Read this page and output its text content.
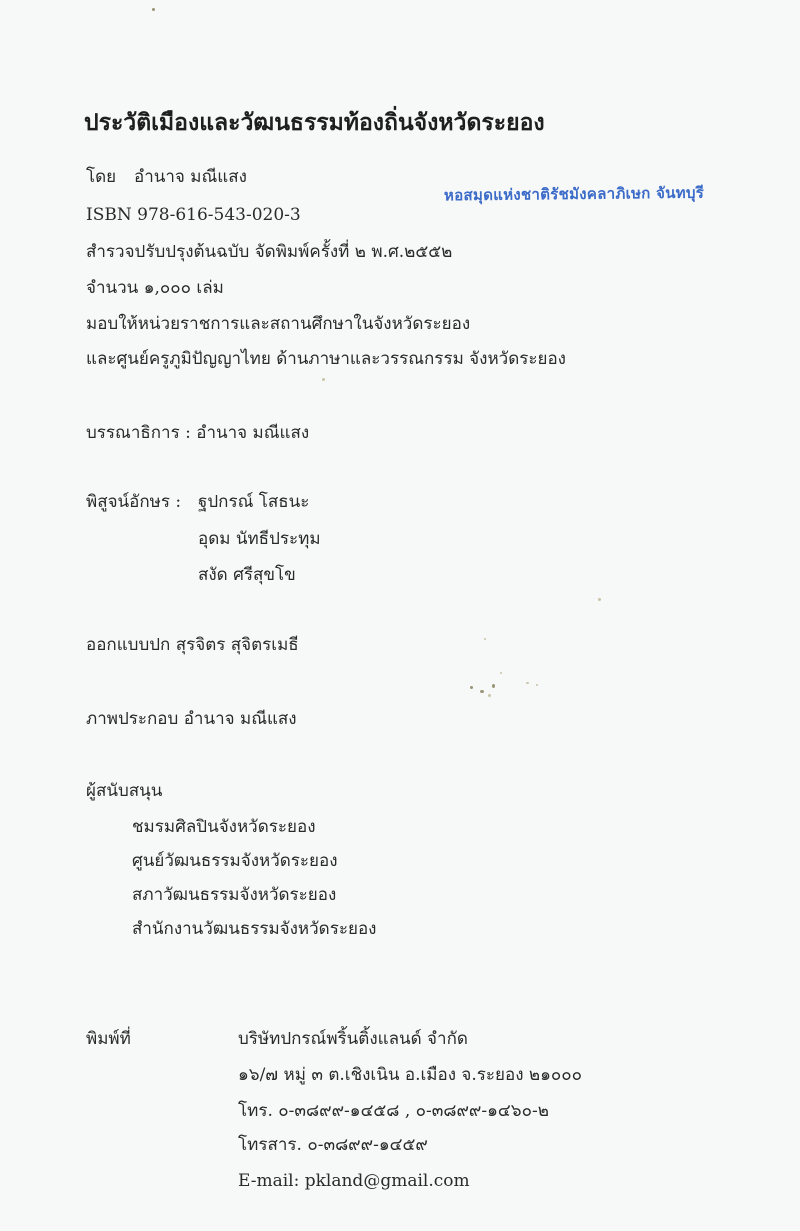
ประวัติเมืองและวัฒนธรรมท้องถิ่นจังหวัดระยอง
โดย อำนาจ มณีแสง
หอสมุดแห่งชาติรัชมังคลาภิเษก จันทบุรี
ISBN 978-616-543-020-3
สำรวจปรับปรุงต้นฉบับ จัดพิมพ์ครั้งที่ ๒ พ.ศ.๒๕๕๒
จำนวน ๑,๐๐๐ เล่ม
มอบให้หน่วยราชการและสถานศึกษาในจังหวัดระยอง
และศูนย์ครูภูมิปัญญาไทย ด้านภาษาและวรรณกรรม จังหวัดระยอง
บรรณาธิการ : อำนาจ มณีแสง
พิสูจน์อักษร : ฐปกรณ์ โสธนะ
อุดม นัทธีประทุม
สงัด ศรีสุขโข
ออกแบบปก สุรจิตร สุจิตรเมธี
ภาพประกอบ อำนาจ มณีแสง
ผู้สนับสนุน
ชมรมศิลปินจังหวัดระยอง
ศูนย์วัฒนธรรมจังหวัดระยอง
สภาวัฒนธรรมจังหวัดระยอง
สำนักงานวัฒนธรรมจังหวัดระยอง
พิมพ์ที่	บริษัทปกรณ์พริ้นติ้งแลนด์ จำกัด
๑๖/๗ หมู่ ๓ ต.เชิงเนิน อ.เมือง จ.ระยอง ๒๑๐๐๐
โทร. ๐-๓๘๙๙-๑๔๕๘ , ๐-๓๘๙๙-๑๔๖๐-๒
โทรสาร. ๐-๓๘๙๙-๑๔๕๙
E-mail: pkland@gmail.com
